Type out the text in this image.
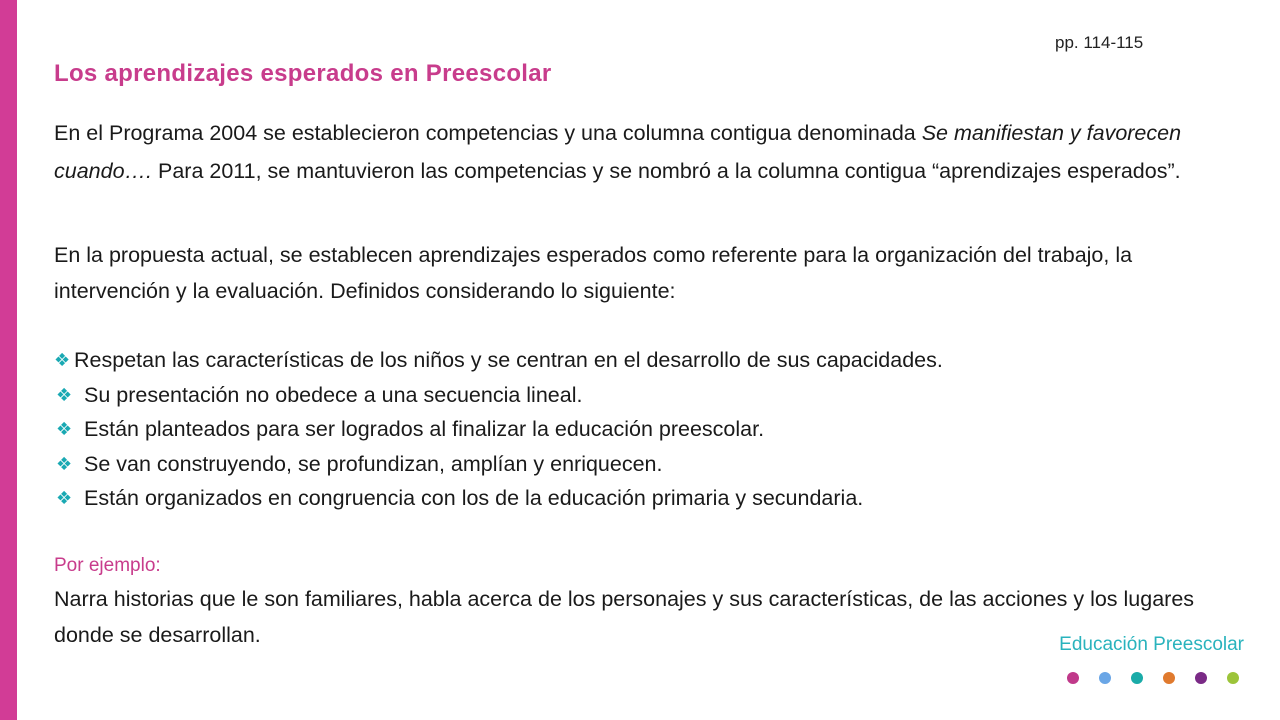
pp. 114-115
Los aprendizajes esperados en Preescolar
En el Programa 2004 se establecieron competencias y una columna contigua denominada Se manifiestan y favorecen cuando…. Para 2011, se mantuvieron las competencias y se nombró a la columna contigua “aprendizajes esperados”.
En la propuesta actual, se establecen aprendizajes esperados como referente para la organización del trabajo, la intervención y la evaluación. Definidos considerando lo siguiente:
❖ Respetan las características de los niños y se centran en el desarrollo de sus capacidades.
❖ Su presentación no obedece a una secuencia lineal.
❖ Están planteados para ser logrados al finalizar la educación preescolar.
❖ Se van construyendo, se profundizan, amplían y enriquecen.
❖ Están organizados en congruencia con los de la educación primaria y secundaria.
Por ejemplo:
Narra historias que le son familiares, habla acerca de los personajes y sus características, de las acciones y los lugares donde se desarrollan.	Educación Preescolar
